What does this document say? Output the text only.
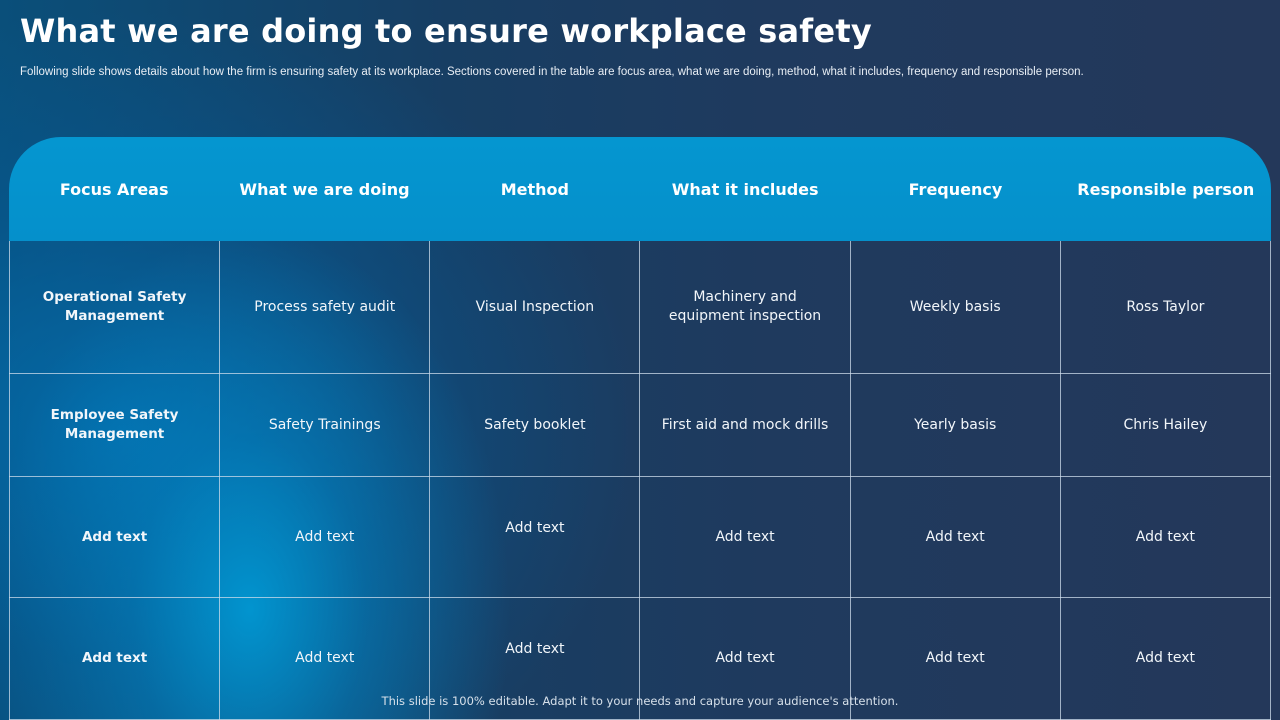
What we are doing to ensure workplace safety

Following slide shows details about how the firm is ensuring safety at its workplace. Sections covered in the table are focus area, what we are doing, method, what it includes, frequency and responsible person.

Focus Areas	What we are doing	Method	What it includes	Frequency	Responsible person
Operational Safety Management	Process safety audit	Visual Inspection	Machinery and equipment inspection	Weekly basis	Ross Taylor
Employee Safety Management	Safety Trainings	Safety booklet	First aid and mock drills	Yearly basis	Chris Hailey
Add text	Add text	Add text	Add text	Add text	Add text
Add text	Add text	Add text	Add text	Add text	Add text

This slide is 100% editable. Adapt it to your needs and capture your audience's attention.
